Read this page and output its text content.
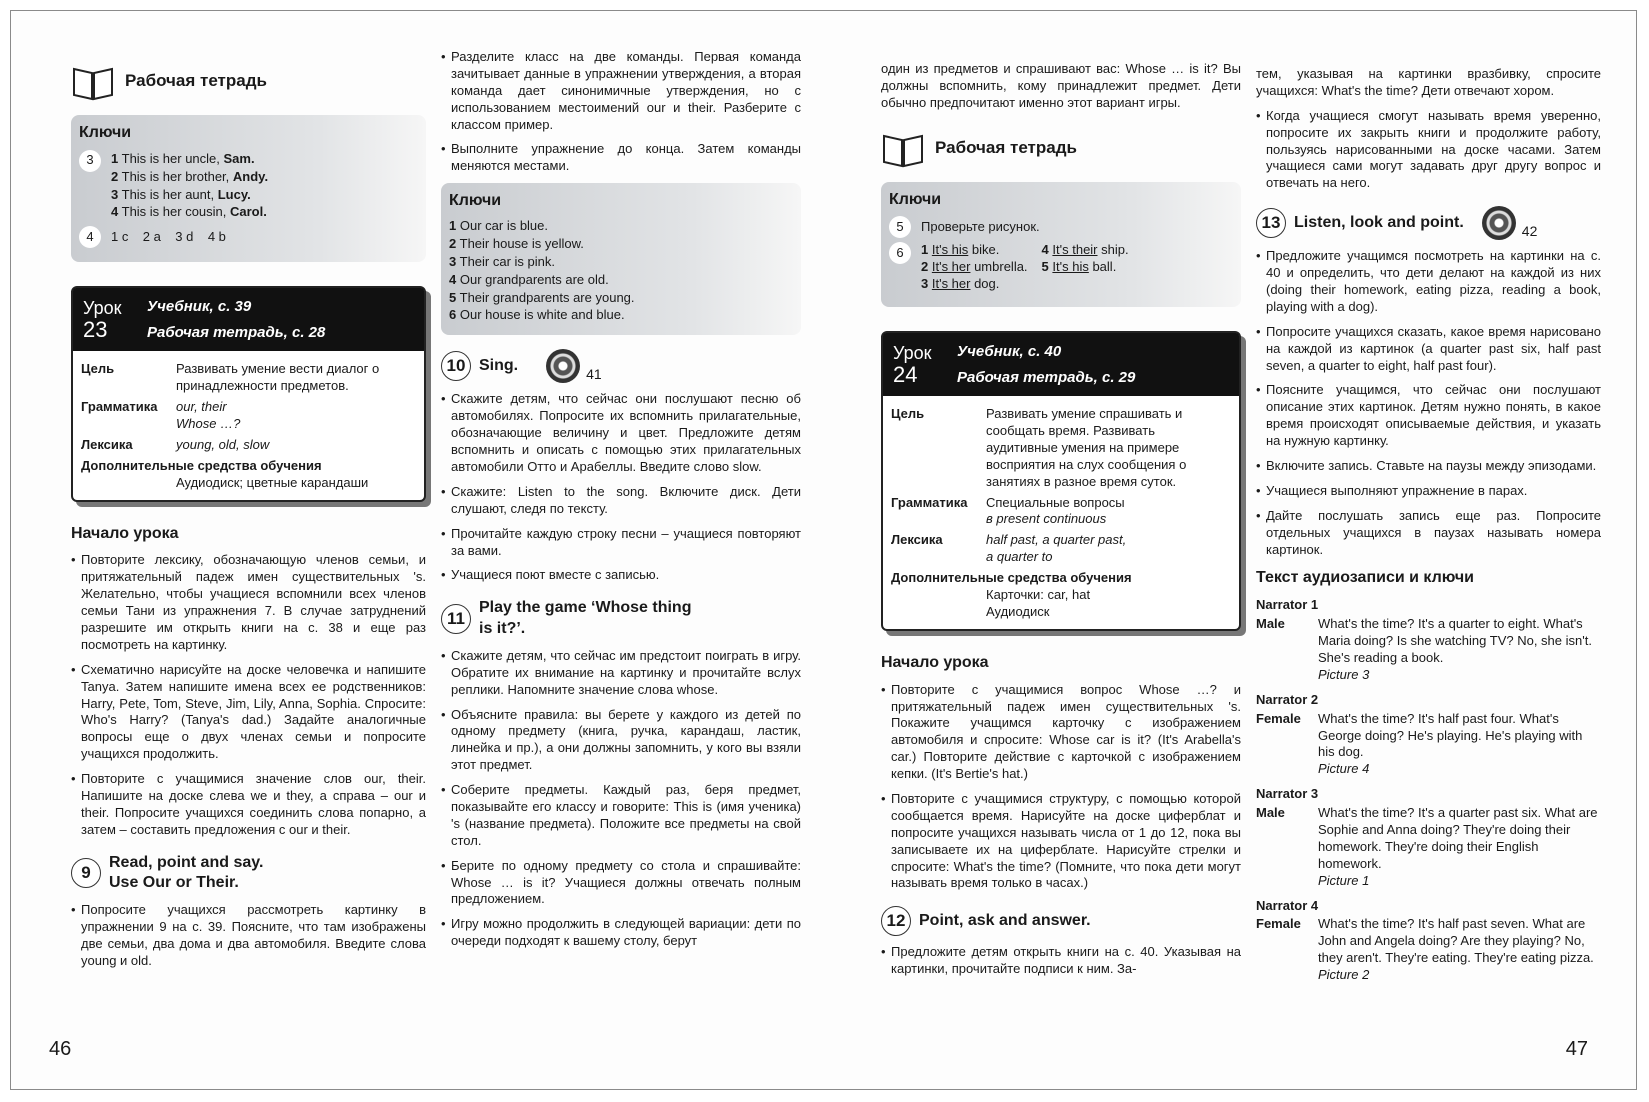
Рабочая тетрадь
Ключи
3	1 This is her uncle, Sam.
2 This is her brother, Andy.
3 This is her aunt, Lucy.
4 This is her cousin, Carol.
4	1 c    2 a    3 d    4 b
Урок
23
Учебник, с. 39
Рабочая тетрадь, с. 28
Цель	Развивать умение вести диалог о принадлежности предметов.
Грамматика	our, their
Whose …?
Лексика	young, old, slow
Дополнительные средства обучения
Аудиодиск; цветные карандаши
Начало урока
• Повторите лексику, обозначающую членов семьи, и притяжательный падеж имен существительных 's. Желательно, чтобы учащиеся вспомнили всех членов семьи Тани из упражнения 7. В случае затруднений разрешите им открыть книги на с. 38 и еще раз посмотреть на картинку.
• Схематично нарисуйте на доске человечка и напишите Tanya. Затем напишите имена всех ее родственников: Harry, Pete, Tom, Steve, Jim, Lily, Anna, Sophia. Спросите: Who's Harry? (Tanya's dad.) Задайте аналогичные вопросы еще о двух членах семьи и попросите учащихся продолжить.
• Повторите с учащимися значение слов our, their. Напишите на доске слева we и they, а справа – our и their. Попросите учащихся соединить слова попарно, а затем – составить предложения с our и their.
9
Read, point and say.
Use Our or Their.
• Попросите учащихся рассмотреть картинку в упражнении 9 на с. 39. Поясните, что там изображены две семьи, два дома и два автомобиля. Введите слова young и old.
• Разделите класс на две команды. Первая команда зачитывает данные в упражнении утверждения, а вторая команда дает синонимичные утверждения, но с использованием местоимений our и their. Разберите с классом пример.
• Выполните упражнение до конца. Затем команды меняются местами.
Ключи
1 Our car is blue.
2 Their house is yellow.
3 Their car is pink.
4 Our grandparents are old.
5 Their grandparents are young.
6 Our house is white and blue.
10 Sing.
41
• Скажите детям, что сейчас они послушают песню об автомобилях. Попросите их вспомнить прилагательные, обозначающие величину и цвет. Предложите детям вспомнить и описать с помощью этих прилагательных автомобили Отто и Арабеллы. Введите слово slow.
• Скажите: Listen to the song. Включите диск. Дети слушают, следя по тексту.
• Прочитайте каждую строку песни – учащиеся повторяют за вами.
• Учащиеся поют вместе с записью.
11
Play the game ‘Whose thing
is it?’.
• Скажите детям, что сейчас им предстоит поиграть в игру. Обратите их внимание на картинку и прочитайте вслух реплики. Напомните значение слова whose.
• Объясните правила: вы берете у каждого из детей по одному предмету (книга, ручка, карандаш, ластик, линейка и пр.), а они должны запомнить, у кого вы взяли этот предмет.
• Соберите предметы. Каждый раз, беря предмет, показывайте его классу и говорите: This is (имя ученика) 's (название предмета). Положите все предметы на свой стол.
• Берите по одному предмету со стола и спрашивайте: Whose … is it? Учащиеся должны отвечать полным предложением.
• Игру можно продолжить в следующей вариации: дети по очереди подходят к вашему столу, берут

один из предметов и спрашивают вас: Whose … is it? Вы должны вспомнить, кому принадлежит предмет. Дети обычно предпочитают именно этот вариант игры.

Рабочая тетрадь
Ключи
5	Проверьте рисунок.
6	1 It's his bike.	4 It's their ship.
2 It's her umbrella. 5 It's his ball.
3 It's her dog.
Урок
24
Учебник, с. 40
Рабочая тетрадь, с. 29
Цель	Развивать умение спрашивать и сообщать время. Развивать аудитивные умения на примере восприятия на слух сообщения о занятиях в разное время суток.
Грамматика	Специальные вопросы
в present continuous
Лексика	half past, a quarter past,
a quarter to
Дополнительные средства обучения
Карточки: car, hat
Аудиодиск
Начало урока
• Повторите с учащимися вопрос Whose …? и притяжательный падеж имен существительных 's. Покажите учащимся карточку с изображением автомобиля и спросите: Whose car is it? (It's Arabella's car.) Повторите действие с карточкой с изображением кепки. (It's Bertie's hat.)
• Повторите с учащимися структуру, с помощью которой сообщается время. Нарисуйте на доске циферблат и попросите учащихся называть числа от 1 до 12, пока вы записываете их на циферблате. Нарисуйте стрелки и спросите: What's the time? (Помните, что пока дети могут называть время только в часах.)
12 Point, ask and answer.
• Предложите детям открыть книги на с. 40. Указывая на картинки, прочитайте подписи к ним. За-

тем, указывая на картинки вразбивку, спросите учащихся: What's the time? Дети отвечают хором.

• Когда учащиеся смогут называть время уверенно, попросите их закрыть книги и продолжите работу, пользуясь нарисованными на доске часами. Затем учащиеся сами могут задавать друг другу вопрос и отвечать на него.
13 Listen, look and point.
42
• Предложите учащимся посмотреть на картинки на с. 40 и определить, что дети делают на каждой из них (doing their homework, eating pizza, reading a book, playing with a dog).
• Попросите учащихся сказать, какое время нарисовано на каждой из картинок (a quarter past six, half past seven, a quarter to eight, half past four).
• Поясните учащимся, что сейчас они послушают описание этих картинок. Детям нужно понять, в какое время происходят описываемые действия, и указать на нужную картинку.
• Включите запись. Ставьте на паузы между эпизодами.
• Учащиеся выполняют упражнение в парах.
• Дайте послушать запись еще раз. Попросите отдельных учащихся в паузах называть номера картинок.
Текст аудиозаписи и ключи
Narrator 1
Male	What's the time? It's a quarter to eight. What's Maria doing? Is she watching TV? No, she isn't. She's reading a book.
Picture 3
Narrator 2
Female	What's the time? It's half past four. What's George doing? He's playing. He's playing with his dog.
Picture 4
Narrator 3
Male	What's the time? It's a quarter past six. What are Sophie and Anna doing? They're doing their homework. They're doing their English homework.
Picture 1
Narrator 4
Female	What's the time? It's half past seven. What are John and Angela doing? Are they playing? No, they aren't. They're eating. They're eating pizza.
Picture 2
46	47
